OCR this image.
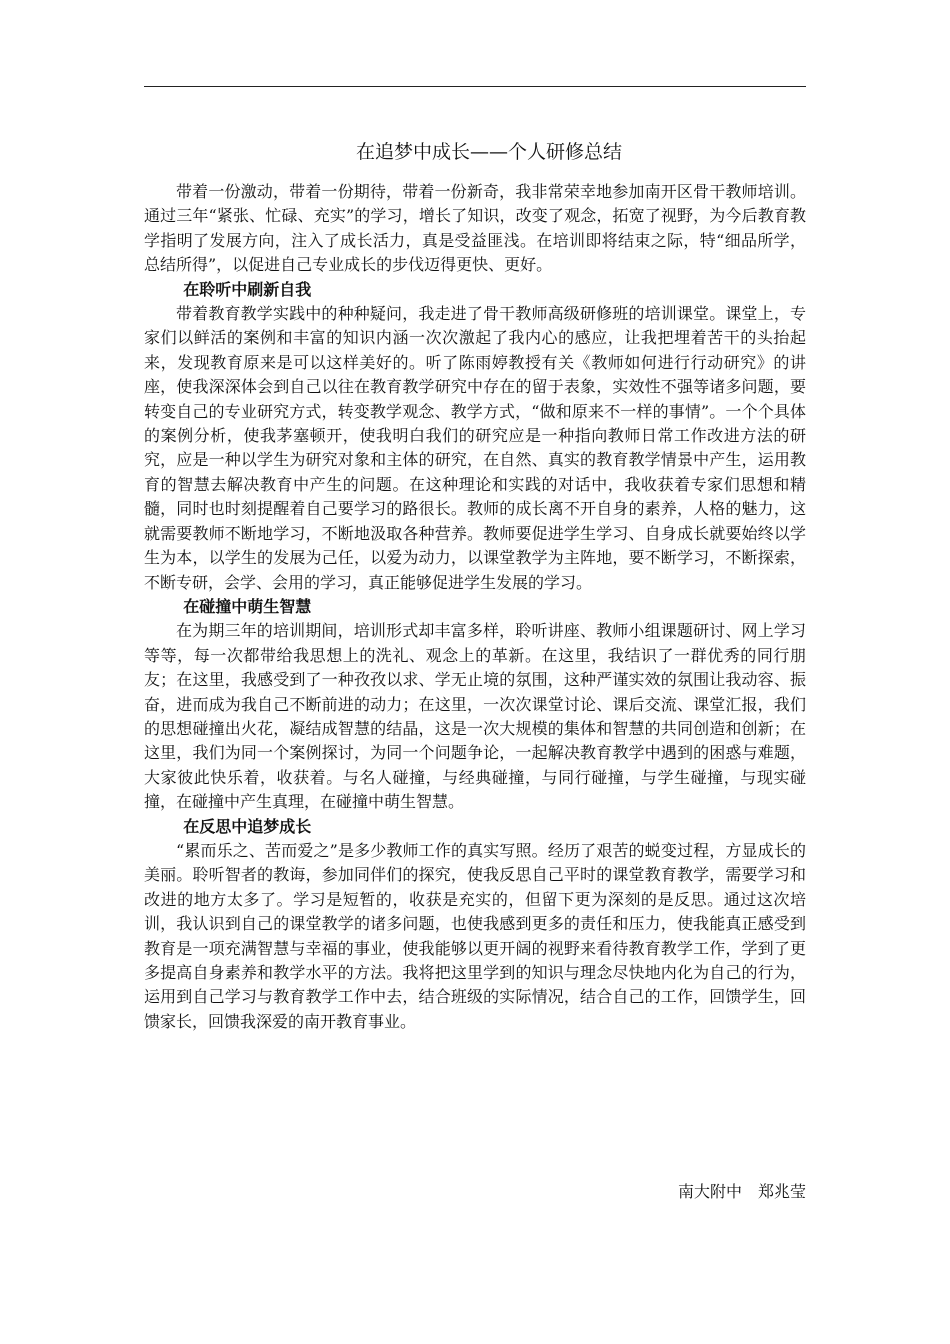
在追梦中成长——个人研修总结

带着一份激动，带着一份期待，带着一份新奇，我非常荣幸地参加南开区骨干教师培训。通过三年“紧张、忙碌、充实”的学习，增长了知识，改变了观念，拓宽了视野，为今后教育教学指明了发展方向，注入了成长活力，真是受益匪浅。在培训即将结束之际，特“细品所学，总结所得”，以促进自己专业成长的步伐迈得更快、更好。

在聆听中刷新自我

带着教育教学实践中的种种疑问，我走进了骨干教师高级研修班的培训课堂。课堂上，专家们以鲜活的案例和丰富的知识内涵一次次激起了我内心的感应，让我把埋着苦干的头抬起来，发现教育原来是可以这样美好的。听了陈雨婷教授有关《教师如何进行行动研究》的讲座，使我深深体会到自己以往在教育教学研究中存在的留于表象，实效性不强等诸多问题，要转变自己的专业研究方式，转变教学观念、教学方式，“做和原来不一样的事情”。一个个具体的案例分析，使我茅塞顿开，使我明白我们的研究应是一种指向教师日常工作改进方法的研究，应是一种以学生为研究对象和主体的研究，在自然、真实的教育教学情景中产生，运用教育的智慧去解决教育中产生的问题。在这种理论和实践的对话中，我收获着专家们思想和精髓，同时也时刻提醒着自己要学习的路很长。教师的成长离不开自身的素养，人格的魅力，这就需要教师不断地学习，不断地汲取各种营养。教师要促进学生学习、自身成长就要始终以学生为本，以学生的发展为己任，以爱为动力，以课堂教学为主阵地，要不断学习，不断探索，不断专研，会学、会用的学习，真正能够促进学生发展的学习。

在碰撞中萌生智慧

在为期三年的培训期间，培训形式却丰富多样，聆听讲座、教师小组课题研讨、网上学习等等，每一次都带给我思想上的洗礼、观念上的革新。在这里，我结识了一群优秀的同行朋友；在这里，我感受到了一种孜孜以求、学无止境的氛围，这种严谨实效的氛围让我动容、振奋，进而成为我自己不断前进的动力；在这里，一次次课堂讨论、课后交流、课堂汇报，我们的思想碰撞出火花，凝结成智慧的结晶，这是一次大规模的集体和智慧的共同创造和创新；在这里，我们为同一个案例探讨，为同一个问题争论，一起解决教育教学中遇到的困惑与难题，大家彼此快乐着，收获着。与名人碰撞，与经典碰撞，与同行碰撞，与学生碰撞，与现实碰撞，在碰撞中产生真理，在碰撞中萌生智慧。

在反思中追梦成长

“累而乐之、苦而爱之”是多少教师工作的真实写照。经历了艰苦的蜕变过程，方显成长的美丽。聆听智者的教诲，参加同伴们的探究，使我反思自己平时的课堂教育教学，需要学习和改进的地方太多了。学习是短暂的，收获是充实的，但留下更为深刻的是反思。通过这次培训，我认识到自己的课堂教学的诸多问题，也使我感到更多的责任和压力，使我能真正感受到教育是一项充满智慧与幸福的事业，使我能够以更开阔的视野来看待教育教学工作，学到了更多提高自身素养和教学水平的方法。我将把这里学到的知识与理念尽快地内化为自己的行为，运用到自己学习与教育教学工作中去，结合班级的实际情况，结合自己的工作，回馈学生，回馈家长，回馈我深爱的南开教育事业。

南大附中　郑兆莹
